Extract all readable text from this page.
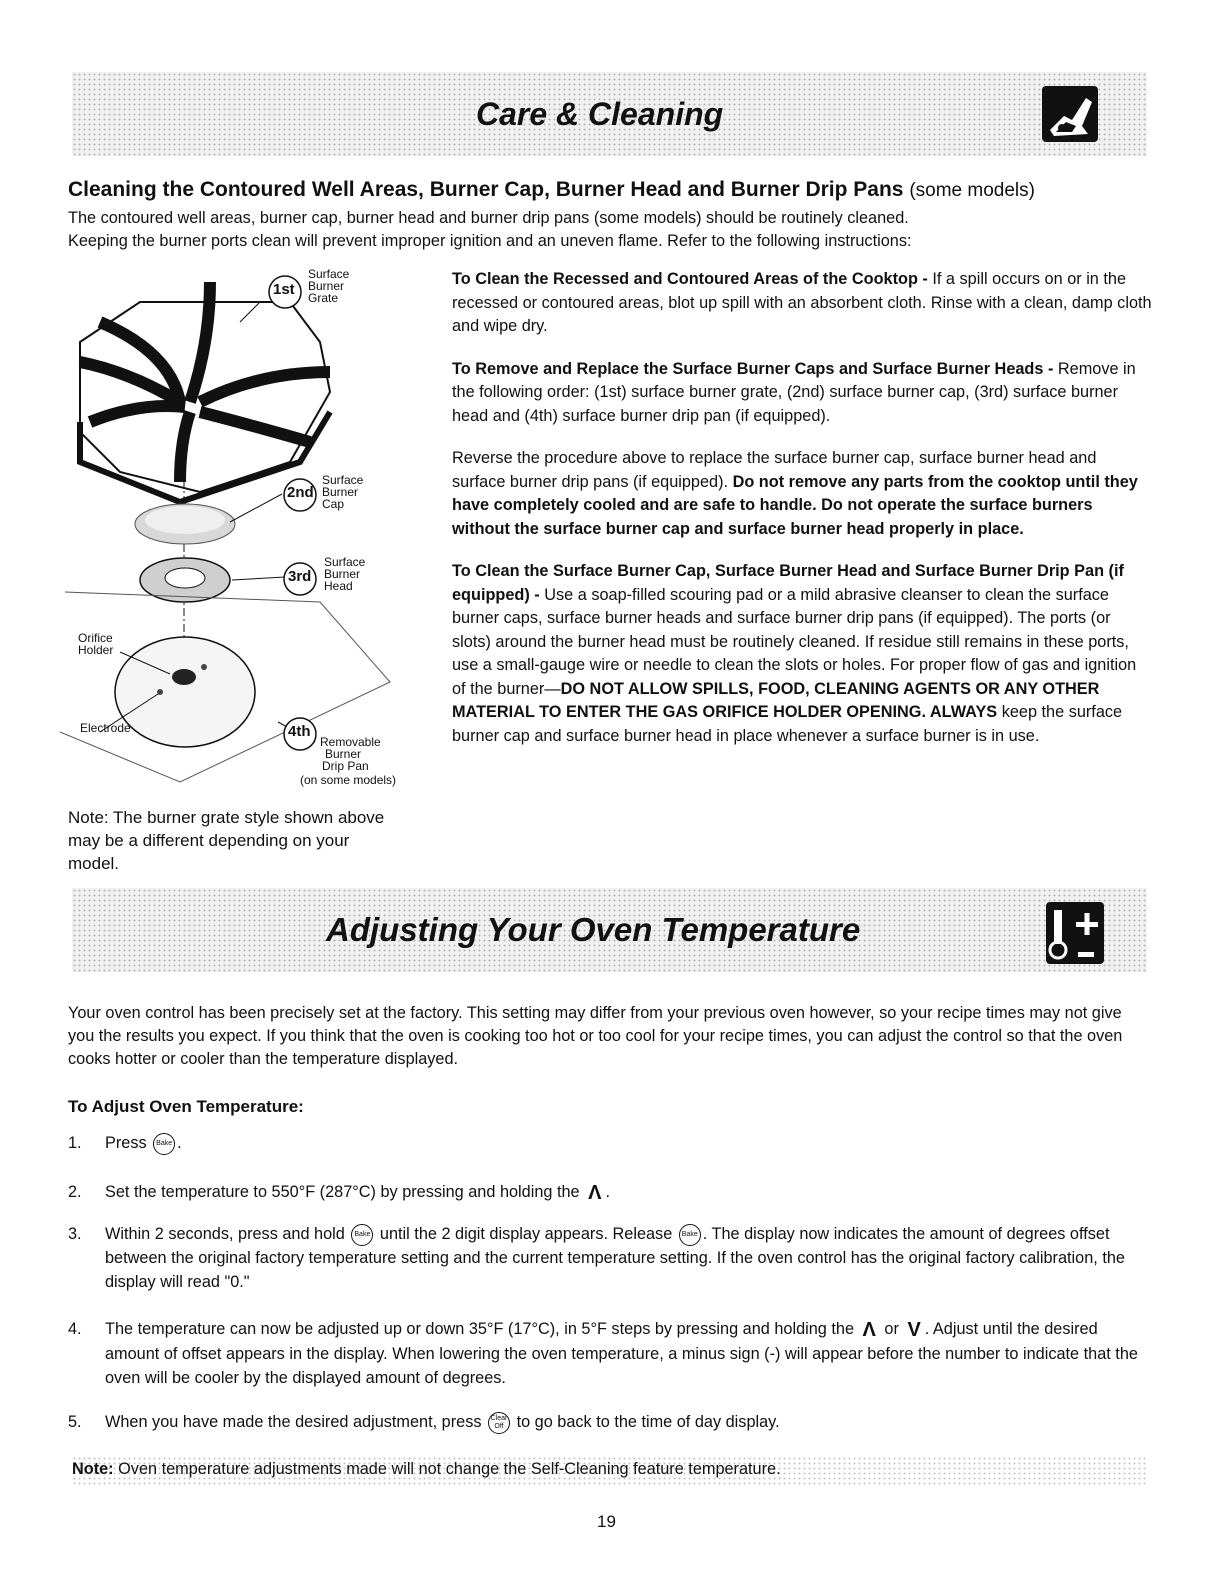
Care & Cleaning
Cleaning the Contoured Well Areas, Burner Cap, Burner Head and Burner Drip Pans (some models)
The contoured well areas, burner cap, burner head and burner drip pans (some models) should be routinely cleaned.
Keeping the burner ports clean will prevent improper ignition and an uneven flame. Refer to the following instructions:
1st
Surface
Burner
Grate
2nd
Surface
Burner
Cap
3rd
Surface
Burner
Head
4th
Removable
Burner
Drip Pan
(on some models)
Orifice
Holder
Electrode
Note: The burner grate style shown above may be a different depending on your model.

To Clean the Recessed and Contoured Areas of the Cooktop - If a spill occurs on or in the recessed or contoured areas, blot up spill with an absorbent cloth. Rinse with a clean, damp cloth and wipe dry.

To Remove and Replace the Surface Burner Caps and Surface Burner Heads - Remove in the following order: (1st) surface burner grate, (2nd) surface burner cap, (3rd) surface burner head and (4th) surface burner drip pan (if equipped).

Reverse the procedure above to replace the surface burner cap, surface burner head and surface burner drip pans (if equipped). Do not remove any parts from the cooktop until they have completely cooled and are safe to handle. Do not operate the surface burners without the surface burner cap and surface burner head properly in place.

To Clean the Surface Burner Cap, Surface Burner Head and Surface Burner Drip Pan (if equipped) - Use a soap-filled scouring pad or a mild abrasive cleanser to clean the surface burner caps, surface burner heads and surface burner drip pans (if equipped). The ports (or slots) around the burner head must be routinely cleaned. If residue still remains in these ports, use a small-gauge wire or needle to clean the slots or holes. For proper flow of gas and ignition of the burner—DO NOT ALLOW SPILLS, FOOD, CLEANING AGENTS OR ANY OTHER MATERIAL TO ENTER THE GAS ORIFICE HOLDER OPENING. ALWAYS keep the surface burner cap and surface burner head in place whenever a surface burner is in use.

Adjusting Your Oven Temperature
Your oven control has been precisely set at the factory. This setting may differ from your previous oven however, so your recipe times may not give you the results you expect. If you think that the oven is cooking too hot or too cool for your recipe times, you can adjust the control so that the oven cooks hotter or cooler than the temperature displayed.
To Adjust Oven Temperature:
1. Press Bake .
2. Set the temperature to 550°F (287°C) by pressing and holding the Λ .
3. Within 2 seconds, press and hold Bake until the 2 digit display appears. Release Bake . The display now indicates the amount of degrees offset between the original factory temperature setting and the current temperature setting. If the oven control has the original factory calibration, the display will read "0."
4. The temperature can now be adjusted up or down 35°F (17°C), in 5°F steps by pressing and holding the Λ or V . Adjust until the desired amount of offset appears in the display. When lowering the oven temperature, a minus sign (-) will appear before the number to indicate that the oven will be cooler by the displayed amount of degrees.
5. When you have made the desired adjustment, press Clear
Off to go back to the time of day display.
Note: Oven temperature adjustments made will not change the Self-Cleaning feature temperature.
19
